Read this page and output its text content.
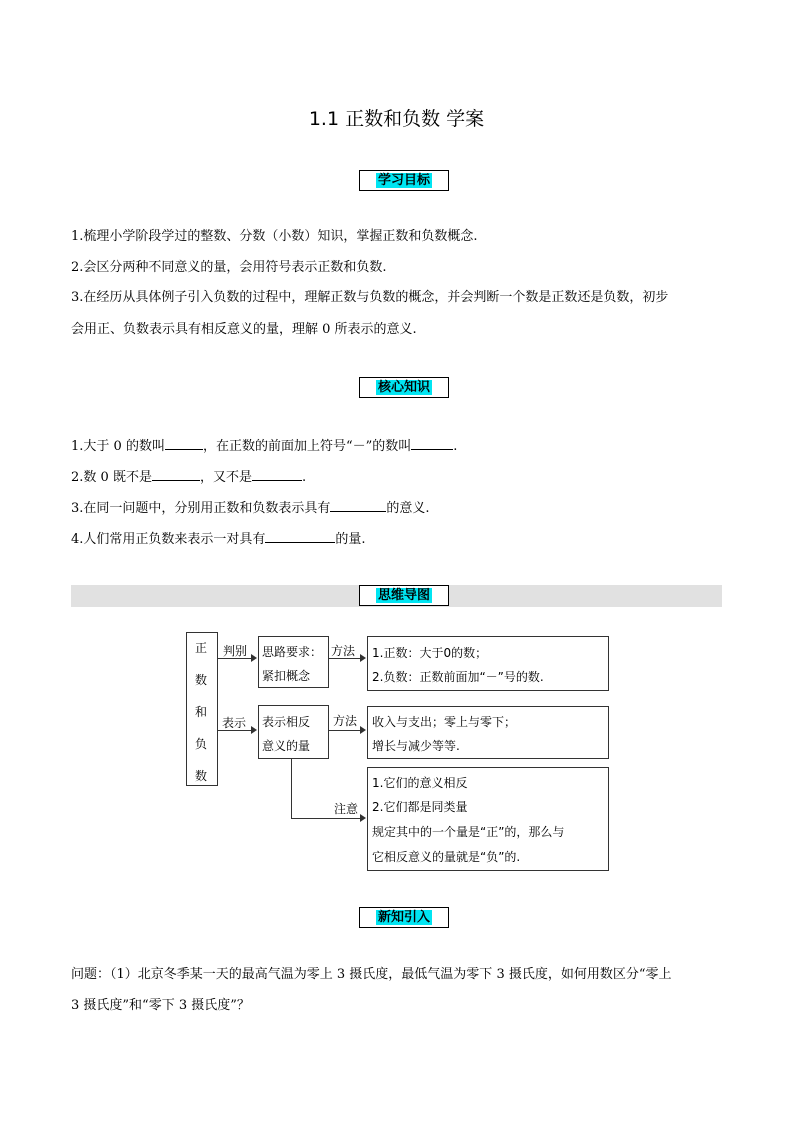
1.1 正数和负数 学案
学习目标
1.梳理小学阶段学过的整数、分数（小数）知识，掌握正数和负数概念.
2.会区分两种不同意义的量，会用符号表示正数和负数.
3.在经历从具体例子引入负数的过程中，理解正数与负数的概念，并会判断一个数是正数还是负数，初步
会用正、负数表示具有相反意义的量，理解 0 所表示的意义.
核心知识
1.大于 0 的数叫	，在正数的前面加上符号“－”的数叫	.
2.数 0 既不是	，又不是	.
3.在同一问题中，分别用正数和负数表示具有	的意义.
4.人们常用正负数来表示一对具有	的量.
思维导图
正
数
和
负
数
判别 思路要求：
紧扣概念
方法 1.正数：大于0的数；
2.负数：正数前面加“－”号的数.
表示 表示相反
意义的量
方法 收入与支出；零上与零下；
增长与减少等等.
注意
1.它们的意义相反
2.它们都是同类量
规定其中的一个量是“正”的，那么与
它相反意义的量就是“负”的.
新知引入
问题：（1）北京冬季某一天的最高气温为零上 3 摄氏度，最低气温为零下 3 摄氏度，如何用数区分“零上
3 摄氏度”和“零下 3 摄氏度”？
